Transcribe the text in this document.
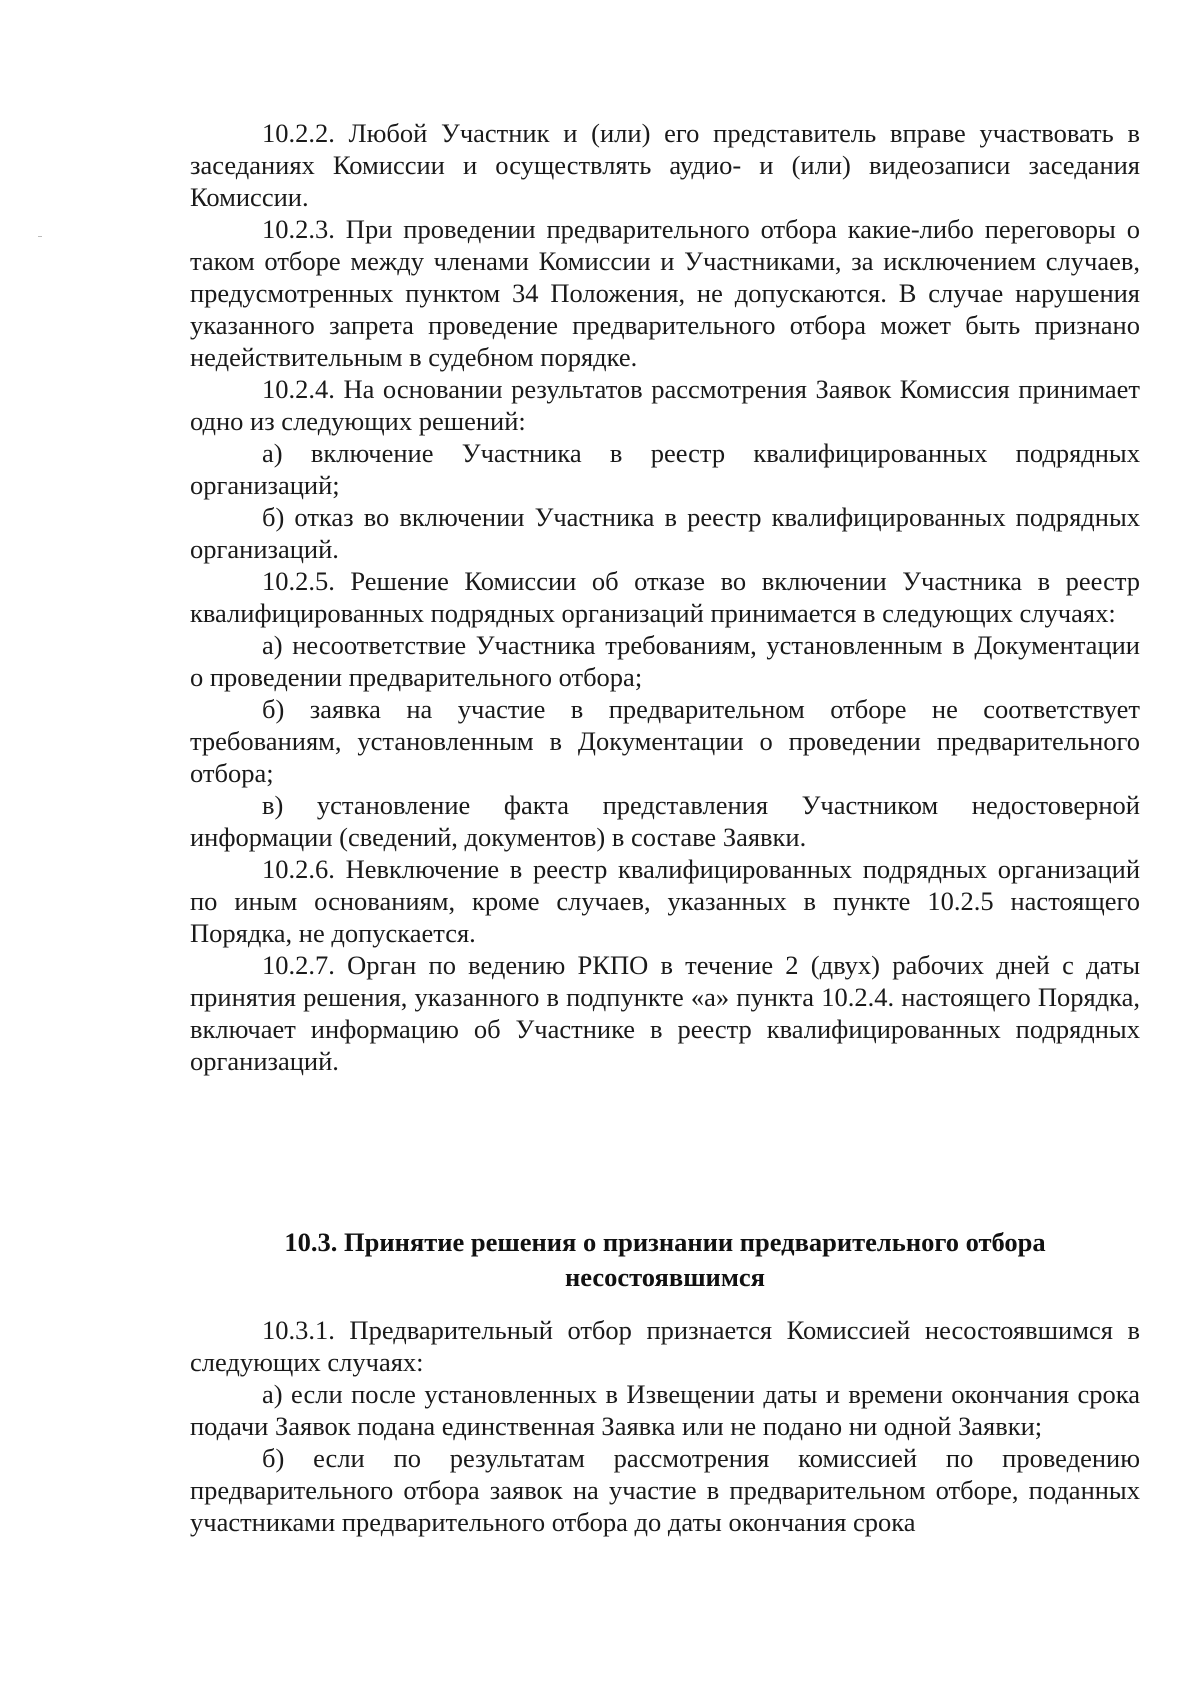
10.2.2. Любой Участник и (или) его представитель вправе участвовать в заседаниях Комиссии и осуществлять аудио- и (или) видеозаписи заседания Комиссии.

10.2.3. При проведении предварительного отбора какие-либо переговоры о таком отборе между членами Комиссии и Участниками, за исключением случаев, предусмотренных пунктом 34 Положения, не допускаются. В случае нарушения указанного запрета проведение предварительного отбора может быть признано недействительным в судебном порядке.

10.2.4. На основании результатов рассмотрения Заявок Комиссия принимает одно из следующих решений:

а) включение Участника в реестр квалифицированных подрядных организаций;

б) отказ во включении Участника в реестр квалифицированных подрядных организаций.

10.2.5. Решение Комиссии об отказе во включении Участника в реестр квалифицированных подрядных организаций принимается в следующих случаях:

а) несоответствие Участника требованиям, установленным в Документации о проведении предварительного отбора;

б) заявка на участие в предварительном отборе не соответствует требованиям, установленным в Документации о проведении предварительного отбора;

в) установление факта представления Участником недостоверной информации (сведений, документов) в составе Заявки.

10.2.6. Невключение в реестр квалифицированных подрядных организаций по иным основаниям, кроме случаев, указанных в пункте 10.2.5 настоящего Порядка, не допускается.

10.2.7. Орган по ведению РКПО в течение 2 (двух) рабочих дней с даты принятия решения, указанного в подпункте «а» пункта 10.2.4. настоящего Порядка, включает информацию об Участнике в реестр квалифицированных подрядных организаций.

10.3. Принятие решения о признании предварительного отбора
несостоявшимся

10.3.1. Предварительный отбор признается Комиссией несостоявшимся в следующих случаях:

а) если после установленных в Извещении даты и времени окончания срока подачи Заявок подана единственная Заявка или не подано ни одной Заявки;

б) если по результатам рассмотрения комиссией по проведению предварительного отбора заявок на участие в предварительном отборе, поданных участниками предварительного отбора до даты окончания срока
